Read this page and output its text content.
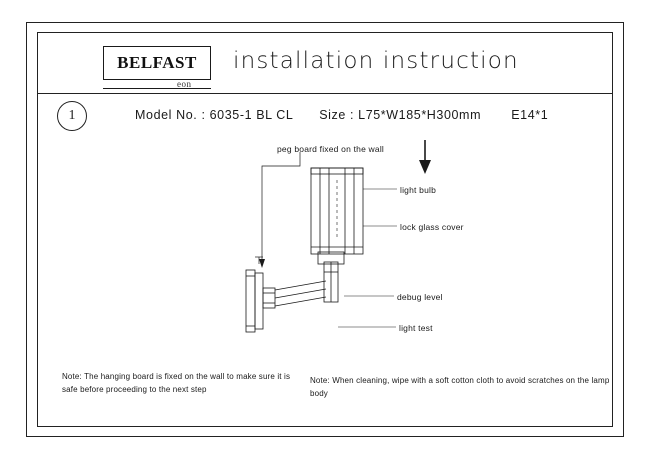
BELFAST
eon
installation instruction
1	Model No. : 6035-1 BL CL Size : L75*W185*H300mm E14*1
peg board fixed on the wall
light bulb
lock glass cover
debug level
light test
Note: The hanging board is fixed on the wall to make sure it is safe before proceeding to the next step
Note: When cleaning, wipe with a soft cotton cloth to avoid scratches on the lamp body
